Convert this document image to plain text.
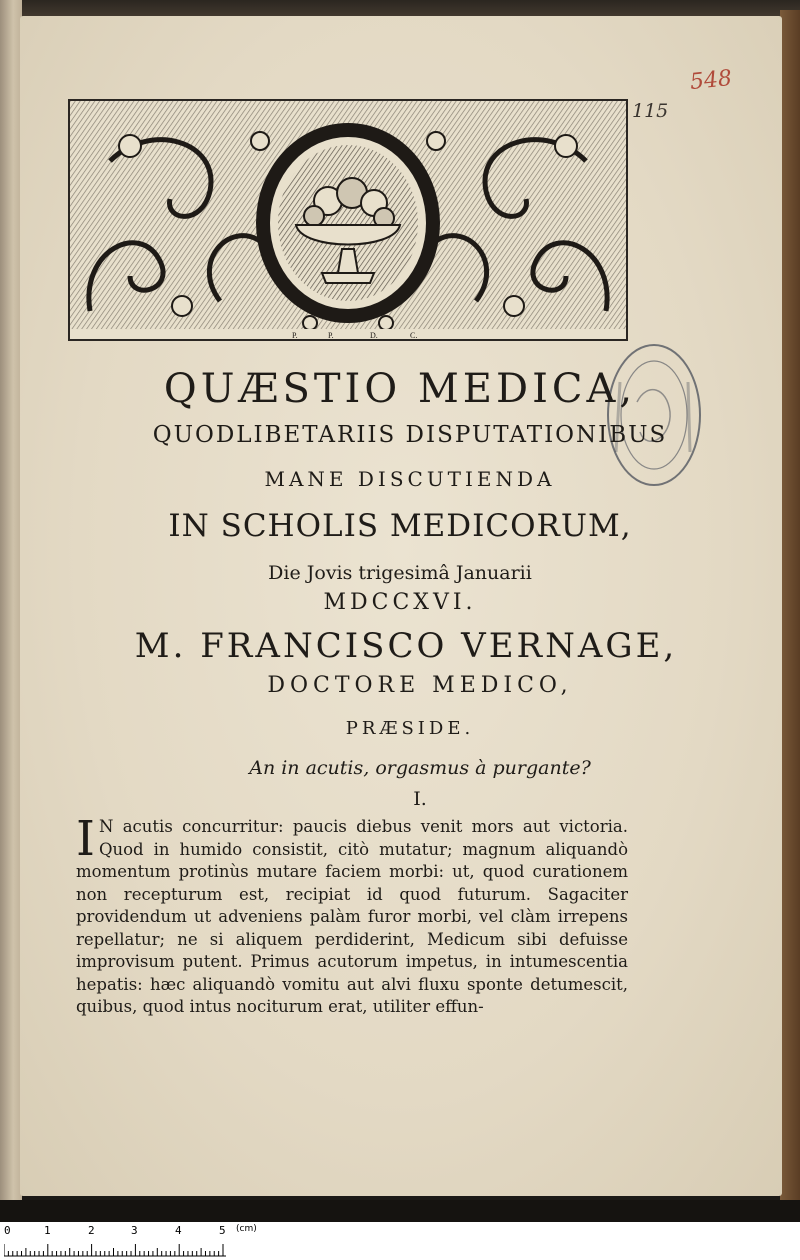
P.	P.	D.	C.
115
548
QUÆSTIO MEDICA,
QUODLIBETARIIS DISPUTATIONIBUS
MANE DISCUTIENDA
IN SCHOLIS MEDICORUM,
Die Jovis trigesimâ Januarii
MDCCXVI.
M. FRANCISCO VERNAGE,
DOCTORE MEDICO,
PRÆSIDE.
An in acutis, orgasmus à purgante?
I.
I N acutis concurritur: paucis diebus venit mors aut victoria. Quod in humido consistit, citò mutatur; magnum aliquandò momentum protinùs mutare faciem morbi: ut, quod curationem non recepturum est, recipiat id quod futurum. Sagaciter providendum ut adveniens palàm furor morbi, vel clàm irrepens repellatur; ne si aliquem perdiderint, Medicum sibi defuisse improvisum putent. Primus acutorum impetus, in intumescentia hepatis: hæc aliquandò vomitu aut alvi fluxu sponte detumescit, quibus, quod intus nociturum erat, utiliter effun-
0	1	2	3	4	5 (cm)
